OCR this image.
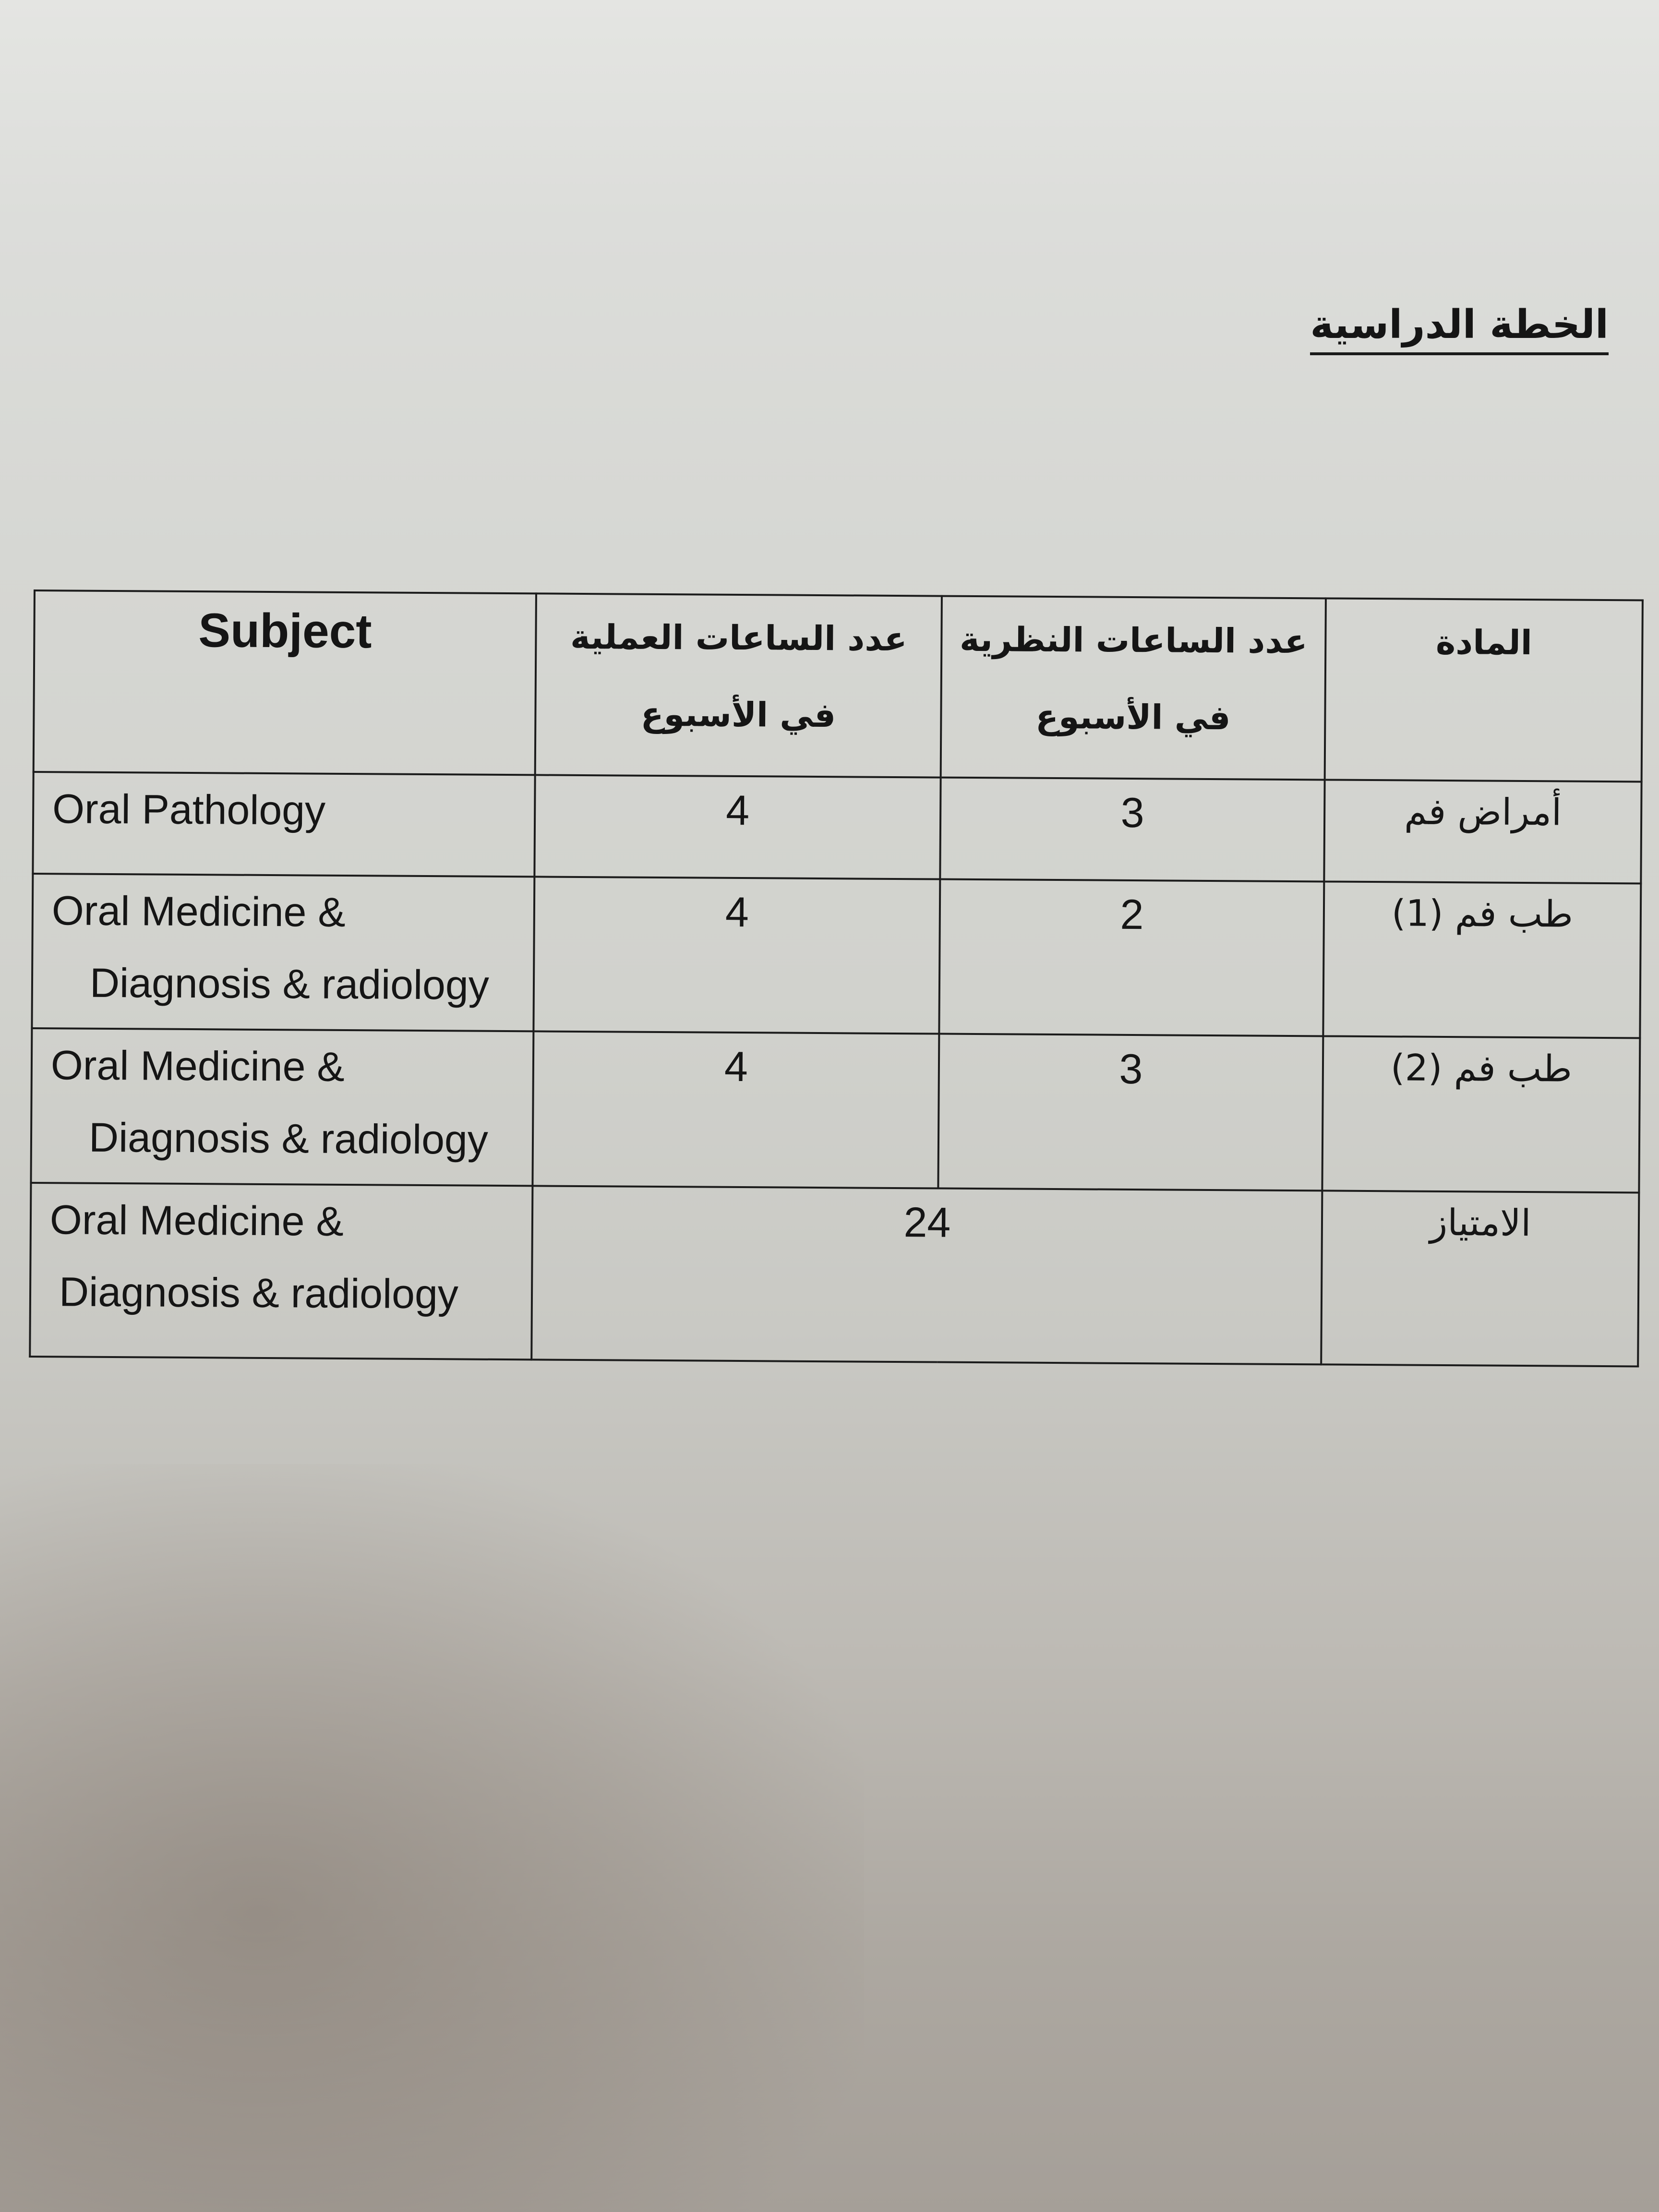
الخطة الدراسية
Subject	عدد الساعات العملية في الأسبوع	عدد الساعات النظرية في الأسبوع	المادة
Oral Pathology	4	3	أمراض فم
Oral Medicine &
Diagnosis & radiology	4	2	طب فم (1)
Oral Medicine &
Diagnosis & radiology	4	3	طب فم (2)
Oral Medicine &
Diagnosis & radiology	24		الامتياز
